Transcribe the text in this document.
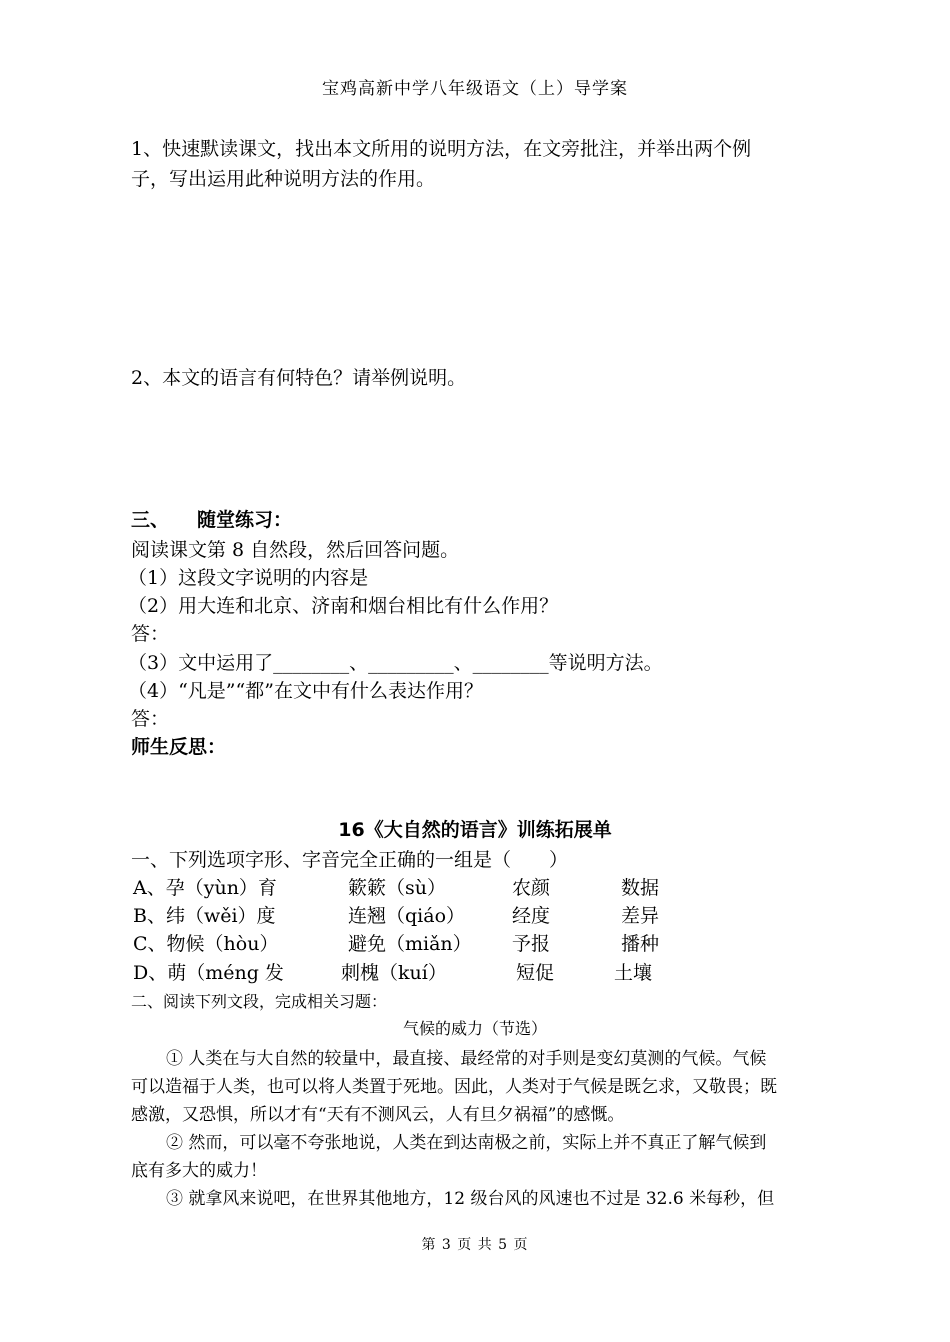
宝鸡高新中学八年级语文（上）导学案
1、快速默读课文，找出本文所用的说明方法，在文旁批注，并举出两个例
子，写出运用此种说明方法的作用。
2、本文的语言有何特色？请举例说明。
三、 随堂练习：
阅读课文第 8 自然段，然后回答问题。
（1）这段文字说明的内容是
（2）用大连和北京、济南和烟台相比有什么作用？
答：
（3）文中运用了________、_________、________等说明方法。
（4）“凡是”“都”在文中有什么表达作用？
答：
师生反思：
16《大自然的语言》训练拓展单
一、下列选项字形、字音完全正确的一组是（　　）
A、孕（yùn）育	簌簌（sù）	农颜	数据
B、纬（wěi）度	连翘（qiáo） 经度	差异
C、物候（hòu）	避免（miǎn） 予报	播种
D、萌（méng 发	刺槐（kuí）	短促	土壤
二、阅读下列文段，完成相关习题：
气候的威力（节选）
① 人类在与大自然的较量中，最直接、最经常的对手则是变幻莫测的气候。气候
可以造福于人类，也可以将人类置于死地。因此，人类对于气候是既乞求，又敬畏；既
感激，又恐惧，所以才有“天有不测风云，人有旦夕祸福”的感慨。
② 然而，可以毫不夸张地说，人类在到达南极之前，实际上并不真正了解气候到
底有多大的威力！
③ 就拿风来说吧，在世界其他地方，12 级台风的风速也不过是 32.6 米每秒，但
第 3 页 共 5 页
